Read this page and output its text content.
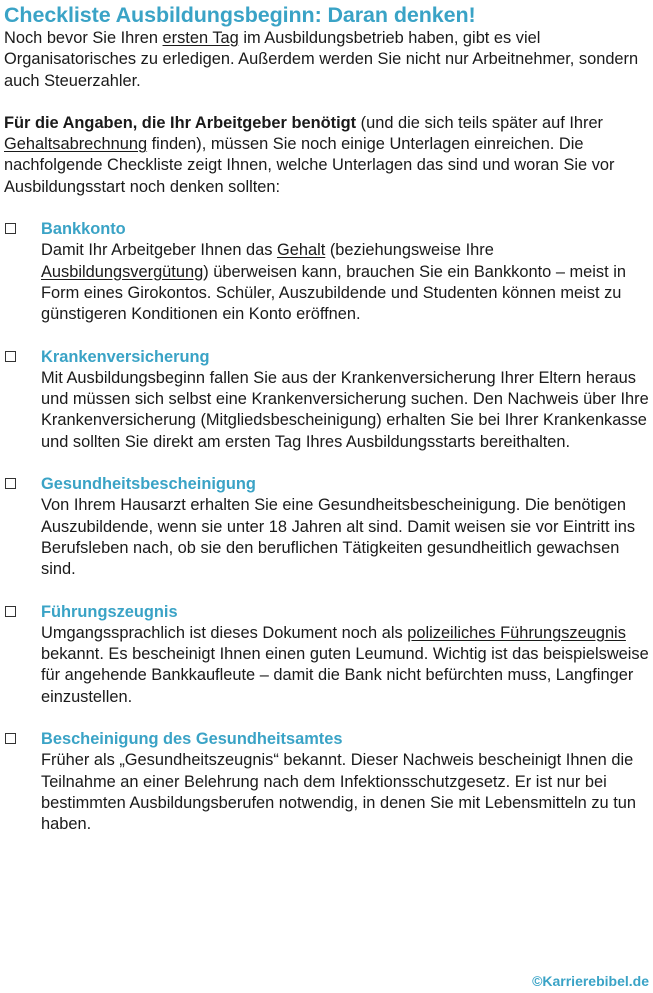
Checkliste Ausbildungsbeginn: Daran denken!

Noch bevor Sie Ihren ersten Tag im Ausbildungsbetrieb haben, gibt es viel Organisatorisches zu erledigen. Außerdem werden Sie nicht nur Arbeitnehmer, sondern auch Steuerzahler.

Für die Angaben, die Ihr Arbeitgeber benötigt (und die sich teils später auf Ihrer Gehaltsabrechnung finden), müssen Sie noch einige Unterlagen einreichen. Die nachfolgende Checkliste zeigt Ihnen, welche Unterlagen das sind und woran Sie vor Ausbildungsstart noch denken sollten:

Bankkonto
Damit Ihr Arbeitgeber Ihnen das Gehalt (beziehungsweise Ihre Ausbildungsvergütung) überweisen kann, brauchen Sie ein Bankkonto – meist in Form eines Girokontos. Schüler, Auszubildende und Studenten können meist zu günstigeren Konditionen ein Konto eröffnen.
Krankenversicherung
Mit Ausbildungsbeginn fallen Sie aus der Krankenversicherung Ihrer Eltern heraus und müssen sich selbst eine Krankenversicherung suchen. Den Nachweis über Ihre Krankenversicherung (Mitgliedsbescheinigung) erhalten Sie bei Ihrer Krankenkasse und sollten Sie direkt am ersten Tag Ihres Ausbildungsstarts bereithalten.
Gesundheitsbescheinigung
Von Ihrem Hausarzt erhalten Sie eine Gesundheitsbescheinigung. Die benötigen Auszubildende, wenn sie unter 18 Jahren alt sind. Damit weisen sie vor Eintritt ins Berufsleben nach, ob sie den beruflichen Tätigkeiten gesundheitlich gewachsen sind.
Führungszeugnis
Umgangssprachlich ist dieses Dokument noch als polizeiliches Führungszeugnis bekannt. Es bescheinigt Ihnen einen guten Leumund. Wichtig ist das beispielsweise für angehende Bankkaufleute – damit die Bank nicht befürchten muss, Langfinger einzustellen.
Bescheinigung des Gesundheitsamtes
Früher als „Gesundheitszeugnis“ bekannt. Dieser Nachweis bescheinigt Ihnen die Teilnahme an einer Belehrung nach dem Infektionsschutzgesetz. Er ist nur bei bestimmten Ausbildungsberufen notwendig, in denen Sie mit Lebensmitteln zu tun haben.
©Karrierebibel.de
